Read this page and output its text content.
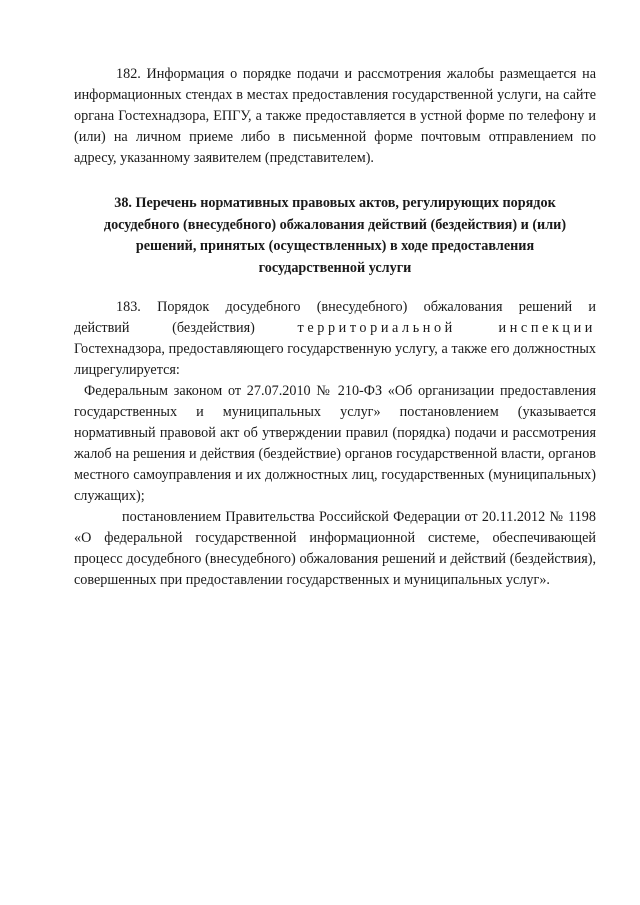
182. Информация о порядке подачи и рассмотрения жалобы размещается на информационных стендах в местах предоставления государственной услуги, на сайте органа Гостехнадзора, ЕПГУ, а также предоставляется в устной форме по телефону и (или) на личном приеме либо в письменной форме почтовым отправлением по адресу, указанному заявителем (представителем).

38. Перечень нормативных правовых актов, регулирующих порядок
досудебного (внесудебного) обжалования действий (бездействия) и (или)
решений, принятых (осуществленных) в ходе предоставления
государственной услуги
183. Порядок досудебного (внесудебного) обжалования решений и
действий	(бездействия)	территориальной	инспекции

Гостехнадзора, предоставляющего государственную услугу, а также его должностных лицрегулируется:

Федеральным законом от 27.07.2010 № 210-ФЗ «Об организации предоставления государственных и муниципальных услуг» постановлением (указывается нормативный правовой акт об утверждении правил (порядка) подачи и рассмотрения жалоб на решения и действия (бездействие) органов государственной власти, органов местного самоуправления и их должностных лиц, государственных (муниципальных) служащих);

постановлением Правительства Российской Федерации от 20.11.2012 № 1198 «О федеральной государственной информационной системе, обеспечивающей процесс досудебного (внесудебного) обжалования решений и действий (бездействия), совершенных при предоставлении государственных и муниципальных услуг».
